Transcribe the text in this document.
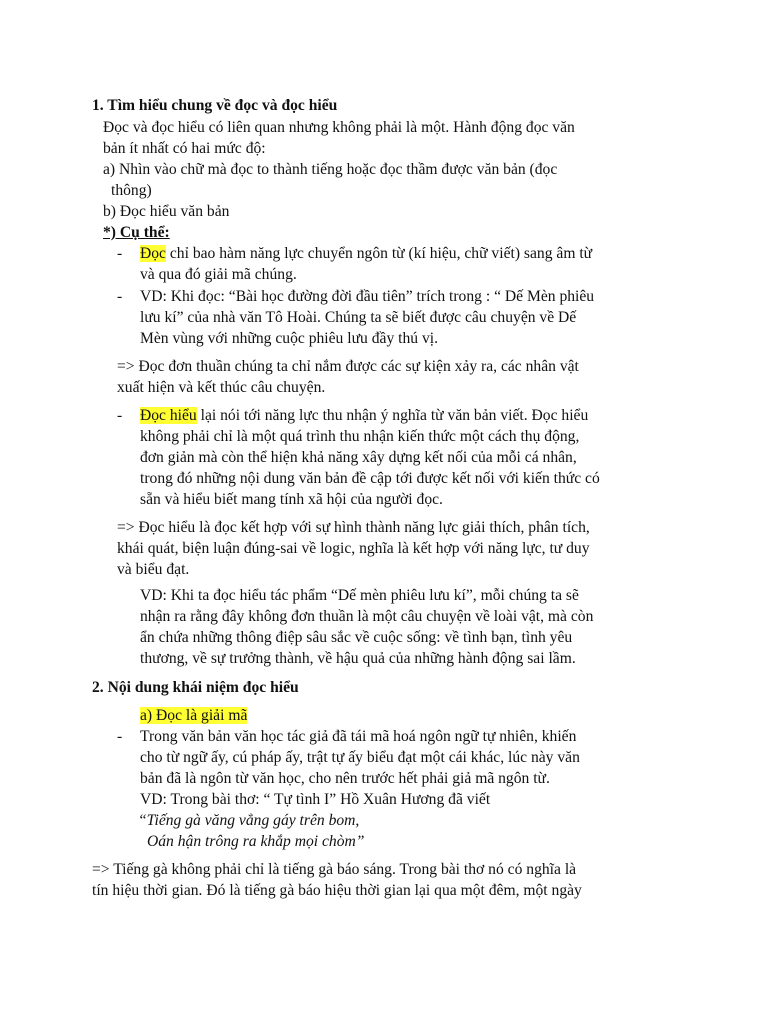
1. Tìm hiểu chung về đọc và đọc hiểu
Đọc và đọc hiểu có liên quan nhưng không phải là một. Hành động đọc văn
bản ít nhất có hai mức độ:
a) Nhìn vào chữ mà đọc to thành tiếng hoặc đọc thầm được văn bản (đọc
thông)
b) Đọc hiểu văn bản
*) Cụ thể:
- Đọc chỉ bao hàm năng lực chuyển ngôn từ (kí hiệu, chữ viết) sang âm từ
và qua đó giải mã chúng.
- VD: Khi đọc: “Bài học đường đời đầu tiên” trích trong : “ Dế Mèn phiêu
lưu kí” của nhà văn Tô Hoài. Chúng ta sẽ biết được câu chuyện về Dế
Mèn vùng với những cuộc phiêu lưu đầy thú vị.
=> Đọc đơn thuần chúng ta chỉ nắm được các sự kiện xảy ra, các nhân vật
xuất hiện và kết thúc câu chuyện.
- Đọc hiểu lại nói tới năng lực thu nhận ý nghĩa từ văn bản viết. Đọc hiểu
không phải chỉ là một quá trình thu nhận kiến thức một cách thụ động,
đơn giản mà còn thể hiện khả năng xây dựng kết nối của mỗi cá nhân,
trong đó những nội dung văn bản đề cập tới được kết nối với kiến thức có
sẵn và hiểu biết mang tính xã hội của người đọc.
=> Đọc hiểu là đọc kết hợp với sự hình thành năng lực giải thích, phân tích,
khái quát, biện luận đúng-sai về logic, nghĩa là kết hợp với năng lực, tư duy
và biểu đạt.
VD: Khi ta đọc hiểu tác phẩm “Dế mèn phiêu lưu kí”, mỗi chúng ta sẽ
nhận ra rằng đây không đơn thuần là một câu chuyện về loài vật, mà còn
ẩn chứa những thông điệp sâu sắc về cuộc sống: về tình bạn, tình yêu
thương, về sự trưởng thành, về hậu quả của những hành động sai lầm.
2. Nội dung khái niệm đọc hiểu
a) Đọc là giải mã
- Trong văn bản văn học tác giả đã tái mã hoá ngôn ngữ tự nhiên, khiến
cho từ ngữ ấy, cú pháp ấy, trật tự ấy biểu đạt một cái khác, lúc này văn
bản đã là ngôn từ văn học, cho nên trước hết phải giả mã ngôn từ.
VD: Trong bài thơ: “ Tự tình I” Hồ Xuân Hương đã viết
“Tiếng gà văng vẳng gáy trên bom,
Oán hận trông ra khắp mọi chòm”
=> Tiếng gà không phải chỉ là tiếng gà báo sáng. Trong bài thơ nó có nghĩa là
tín hiệu thời gian. Đó là tiếng gà báo hiệu thời gian lại qua một đêm, một ngày
